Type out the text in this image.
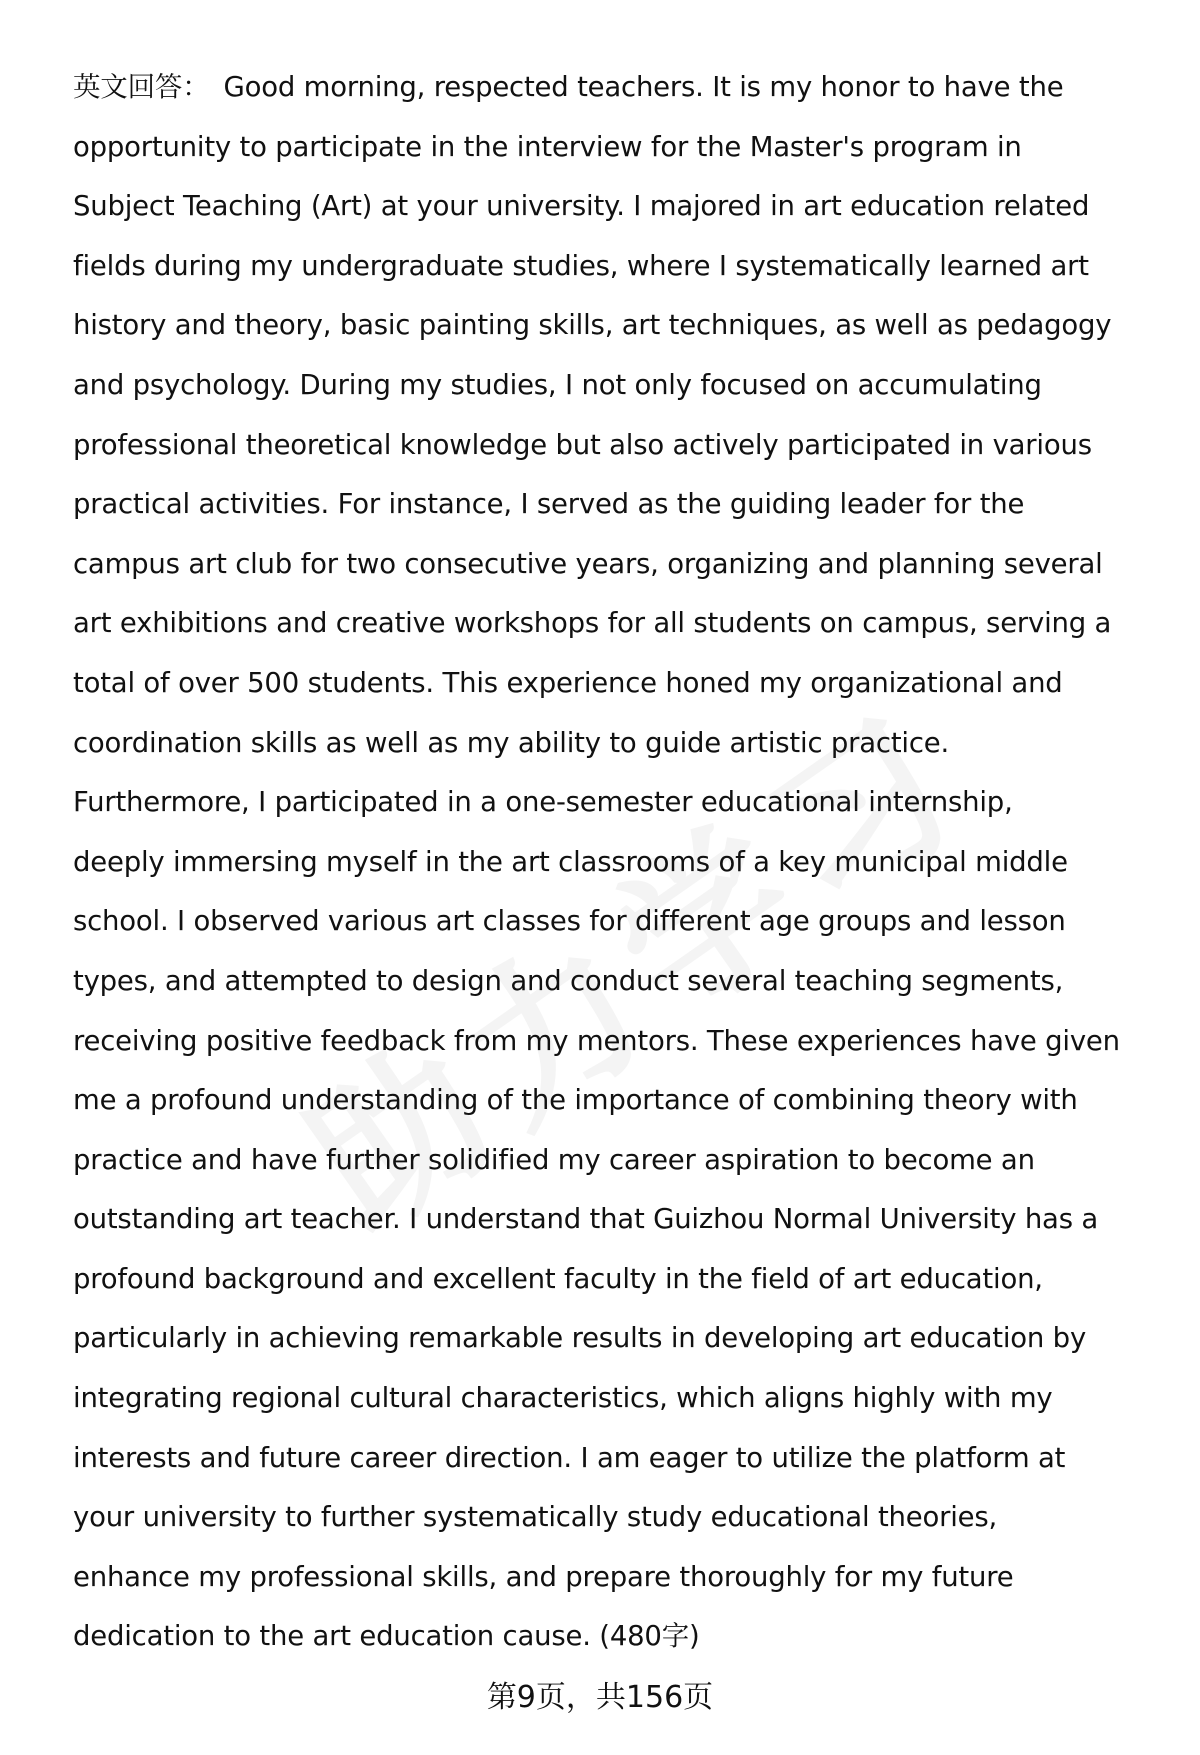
英文回答： Good morning, respected teachers. It is my honor to have the
opportunity to participate in the interview for the Master's program in
Subject Teaching (Art) at your university. I majored in art education related
fields during my undergraduate studies, where I systematically learned art
history and theory, basic painting skills, art techniques, as well as pedagogy
and psychology. During my studies, I not only focused on accumulating
professional theoretical knowledge but also actively participated in various
practical activities. For instance, I served as the guiding leader for the
campus art club for two consecutive years, organizing and planning several
art exhibitions and creative workshops for all students on campus, serving a
total of over 500 students. This experience honed my organizational and
coordination skills as well as my ability to guide artistic practice.
Furthermore, I participated in a one-semester educational internship,
deeply immersing myself in the art classrooms of a key municipal middle
school. I observed various art classes for different age groups and lesson
types, and attempted to design and conduct several teaching segments,
receiving positive feedback from my mentors. These experiences have given
me a profound understanding of the importance of combining theory with
practice and have further solidified my career aspiration to become an
outstanding art teacher. I understand that Guizhou Normal University has a
profound background and excellent faculty in the field of art education,
particularly in achieving remarkable results in developing art education by
integrating regional cultural characteristics, which aligns highly with my
interests and future career direction. I am eager to utilize the platform at
your university to further systematically study educational theories,
enhance my professional skills, and prepare thoroughly for my future
dedication to the art education cause. (480字)
第9页，共156页
